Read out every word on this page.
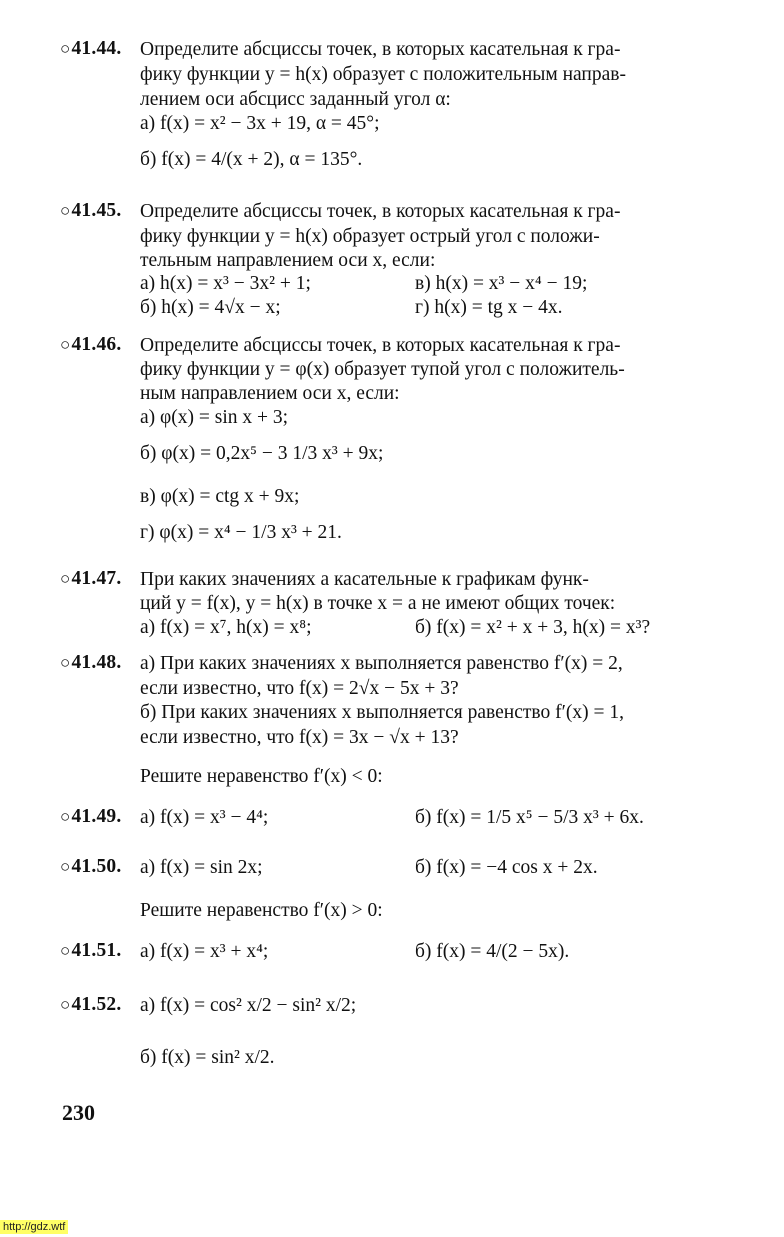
○41.44. Определите абсциссы точек, в которых касательная к гра-
фику функции y = h(x) образует с положительным направ-
лением оси абсцисс заданный угол α:
а) f(x) = x² − 3x + 19, α = 45°;
б) f(x) = 4/(x + 2), α = 135°.
○41.45. Определите абсциссы точек, в которых касательная к гра-
фику функции y = h(x) образует острый угол с положи-
тельным направлением оси x, если:
а) h(x) = x³ − 3x² + 1;	в) h(x) = x³ − x⁴ − 19;
б) h(x) = 4√x − x;	г) h(x) = tg x − 4x.
○41.46. Определите абсциссы точек, в которых касательная к гра-
фику функции y = φ(x) образует тупой угол с положитель-
ным направлением оси x, если:
а) φ(x) = sin x + 3;
б) φ(x) = 0,2x⁵ − 3 1/3 x³ + 9x;
в) φ(x) = ctg x + 9x;
г) φ(x) = x⁴ − 1/3 x³ + 21.
○41.47. При каких значениях a касательные к графикам функ-
ций y = f(x), y = h(x) в точке x = a не имеют общих точек:
а) f(x) = x⁷, h(x) = x⁸;	б) f(x) = x² + x + 3, h(x) = x³?
○41.48. а) При каких значениях x выполняется равенство f′(x) = 2,
если известно, что f(x) = 2√x − 5x + 3?
б) При каких значениях x выполняется равенство f′(x) = 1,
если известно, что f(x) = 3x − √x + 13?
Решите неравенство f′(x) < 0:
○41.49. а) f(x) = x³ − 4⁴;	б) f(x) = 1/5 x⁵ − 5/3 x³ + 6x.
○41.50. а) f(x) = sin 2x;	б) f(x) = −4 cos x + 2x.
Решите неравенство f′(x) > 0:
○41.51. а) f(x) = x³ + x⁴;	б) f(x) = 4/(2 − 5x).
○41.52. а) f(x) = cos² x/2 − sin² x/2;
б) f(x) = sin² x/2.
230
http://gdz.wtf
